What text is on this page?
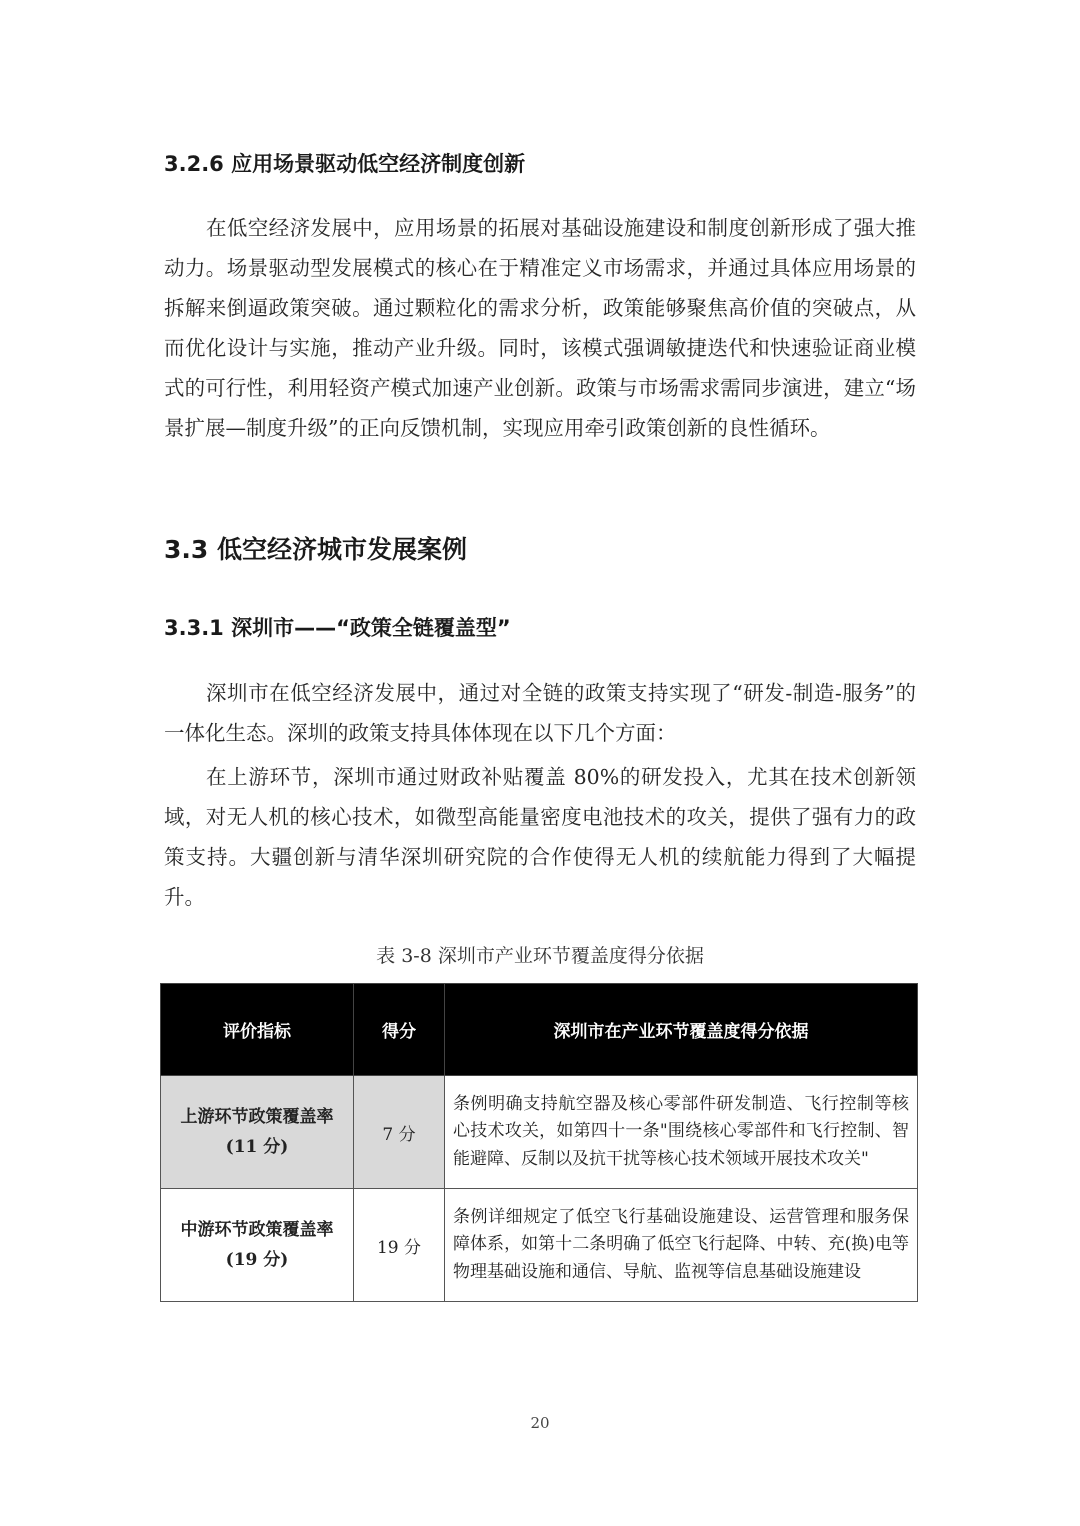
3.2.6 应用场景驱动低空经济制度创新
在低空经济发展中，应用场景的拓展对基础设施建设和制度创新形成了强大推动力。场景驱动型发展模式的核心在于精准定义市场需求，并通过具体应用场景的拆解来倒逼政策突破。通过颗粒化的需求分析，政策能够聚焦高价值的突破点，从而优化设计与实施，推动产业升级。同时，该模式强调敏捷迭代和快速验证商业模式的可行性，利用轻资产模式加速产业创新。政策与市场需求需同步演进，建立“场景扩展—制度升级”的正向反馈机制，实现应用牵引政策创新的良性循环。
3.3 低空经济城市发展案例
3.3.1 深圳市——“政策全链覆盖型”
深圳市在低空经济发展中，通过对全链的政策支持实现了“研发-制造-服务”的一体化生态。深圳的政策支持具体体现在以下几个方面：
在上游环节，深圳市通过财政补贴覆盖 80%的研发投入，尤其在技术创新领域，对无人机的核心技术，如微型高能量密度电池技术的攻关，提供了强有力的政策支持。大疆创新与清华深圳研究院的合作使得无人机的续航能力得到了大幅提升。
表 3-8 深圳市产业环节覆盖度得分依据
评价指标	得分	深圳市在产业环节覆盖度得分依据

上游环节政策覆盖率
(11 分)	7 分	条例明确支持航空器及核心零部件研发制造、飞行控制等核心技术攻关，如第四十一条"围绕核心零部件和飞行控制、智能避障、反制以及抗干扰等核心技术领域开展技术攻关"

中游环节政策覆盖率
(19 分)	19 分	条例详细规定了低空飞行基础设施建设、运营管理和服务保障体系，如第十二条明确了低空飞行起降、中转、充(换)电等物理基础设施和通信、导航、监视等信息基础设施建设
20
